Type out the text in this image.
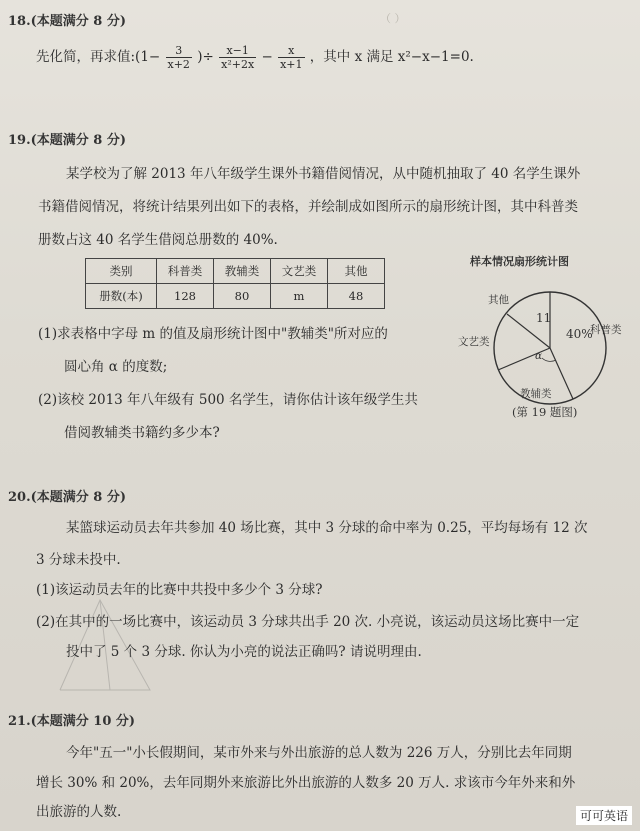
（ ）
18.(本题满分 8 分)
先化简，再求值:(1− $\frac{3}{x+2}$ )÷ $\frac{x-1}{\text{x²+2x}} - \frac{x}{x+1}$ ，其中 x 满足 x²−x−1=0.
19.(本题满分 8 分)
某学校为了解 2013 年八年级学生课外书籍借阅情况，从中随机抽取了 40 名学生课外
书籍借阅情况，将统计结果列出如下的表格，并绘制成如图所示的扇形统计图，其中科普类
册数占这 40 名学生借阅总册数的 40%.
类别	科普类	教辅类	文艺类	其他
册数(本)	128	80	m	48
(1)求表格中字母 m 的值及扇形统计图中"教辅类"所对应的
圆心角 α 的度数;
(2)该校 2013 年八年级有 500 名学生，请你估计该年级学生共
借阅教辅类书籍约多少本?
样本情况扇形统计图
11
40%
其他
文艺类
科普类
教辅类
α
(第 19 题图)
20.(本题满分 8 分)
某篮球运动员去年共参加 40 场比赛，其中 3 分球的命中率为 0.25，平均每场有 12 次
3 分球未投中.
(1)该运动员去年的比赛中共投中多少个 3 分球?
(2)在其中的一场比赛中，该运动员 3 分球共出手 20 次. 小亮说，该运动员这场比赛中一定
投中了 5 个 3 分球. 你认为小亮的说法正确吗? 请说明理由.
21.(本题满分 10 分)
今年"五一"小长假期间，某市外来与外出旅游的总人数为 226 万人，分别比去年同期
增长 30% 和 20%，去年同期外来旅游比外出旅游的人数多 20 万人. 求该市今年外来和外
出旅游的人数.	可可英语
